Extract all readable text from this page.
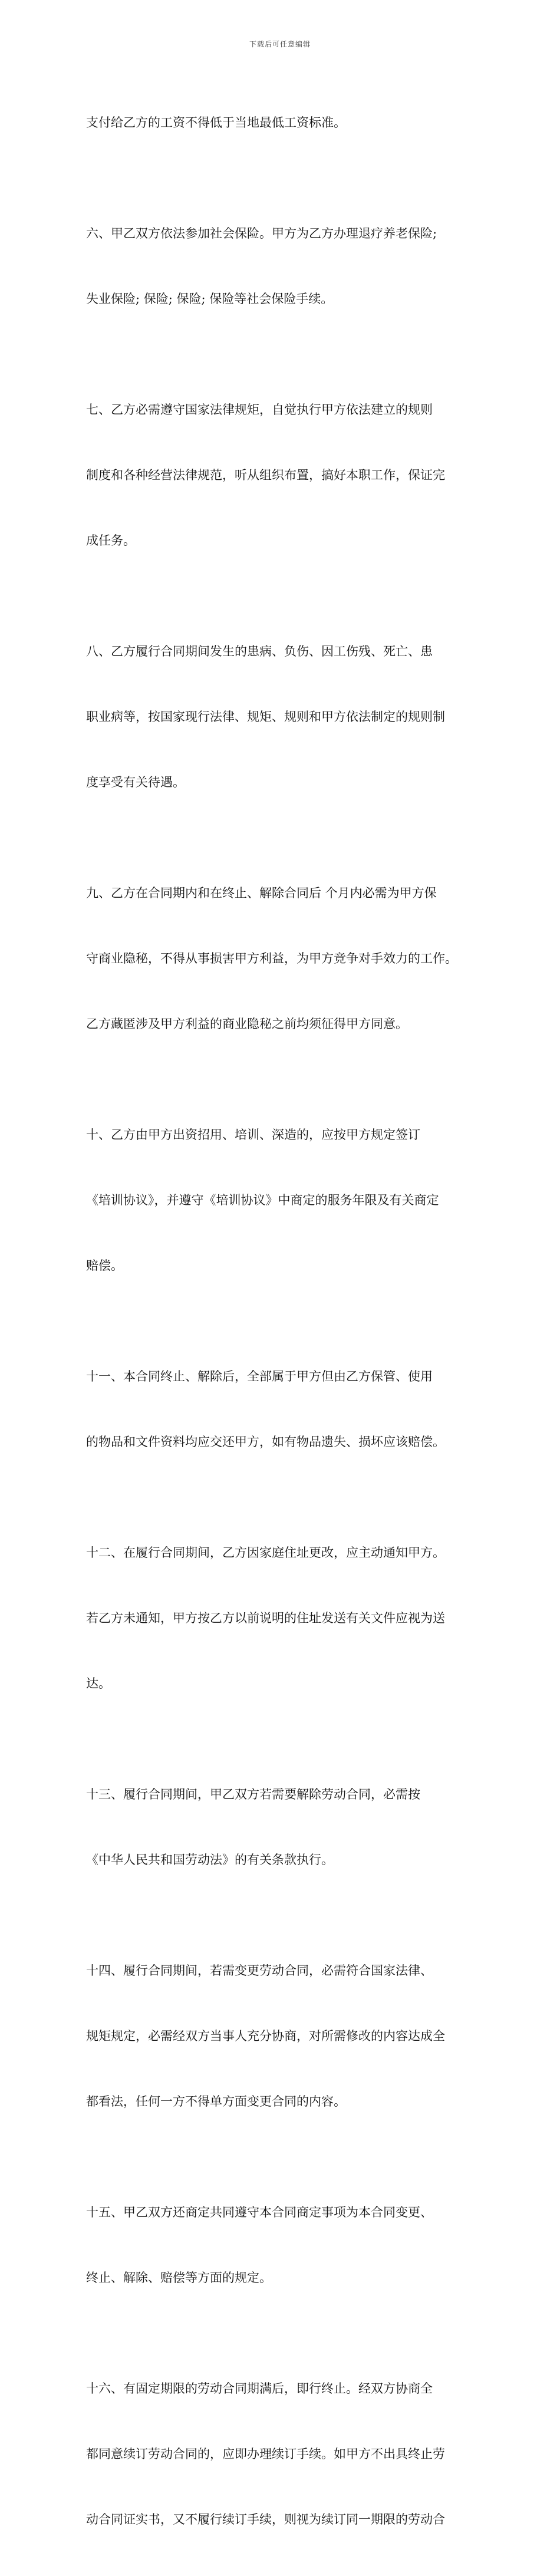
下载后可任意编辑

支付给乙方的工资不得低于当地最低工资标准。

六、甲乙双方依法参加社会保险。甲方为乙方办理退疗养老保险;

失业保险; 保险; 保险; 保险等社会保险手续。

七、乙方必需遵守国家法律规矩，自觉执行甲方依法建立的规则

制度和各种经营法律规范，听从组织布置，搞好本职工作，保证完

成任务。

八、乙方履行合同期间发生的患病、负伤、因工伤残、死亡、患

职业病等，按国家现行法律、规矩、规则和甲方依法制定的规则制

度享受有关待遇。

九、乙方在合同期内和在终止、解除合同后 个月内必需为甲方保

守商业隐秘，不得从事损害甲方利益，为甲方竞争对手效力的工作。

乙方藏匿涉及甲方利益的商业隐秘之前均须征得甲方同意。

十、乙方由甲方出资招用、培训、深造的，应按甲方规定签订

《培训协议》，并遵守《培训协议》中商定的服务年限及有关商定

赔偿。

十一、本合同终止、解除后，全部属于甲方但由乙方保管、使用

的物品和文件资料均应交还甲方，如有物品遗失、损坏应该赔偿。

十二、在履行合同期间，乙方因家庭住址更改，应主动通知甲方。

若乙方未通知，甲方按乙方以前说明的住址发送有关文件应视为送

达。

十三、履行合同期间，甲乙双方若需要解除劳动合同，必需按

《中华人民共和国劳动法》的有关条款执行。

十四、履行合同期间，若需变更劳动合同，必需符合国家法律、

规矩规定，必需经双方当事人充分协商，对所需修改的内容达成全

都看法，任何一方不得单方面变更合同的内容。

十五、甲乙双方还商定共同遵守本合同商定事项为本合同变更、

终止、解除、赔偿等方面的规定。

十六、有固定期限的劳动合同期满后，即行终止。经双方协商全

都同意续订劳动合同的，应即办理续订手续。如甲方不出具终止劳

动合同证实书，又不履行续订手续，则视为续订同一期限的劳动合
